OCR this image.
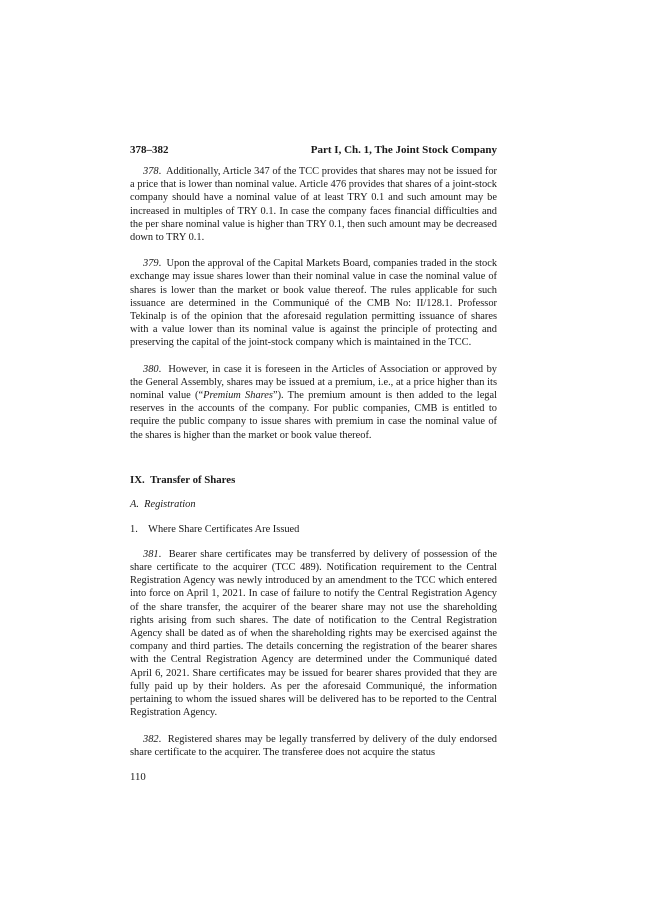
378–382	Part I, Ch. 1, The Joint Stock Company

378.  Additionally, Article 347 of the TCC provides that shares may not be issued for a price that is lower than nominal value. Article 476 provides that shares of a joint-stock company should have a nominal value of at least TRY 0.1 and such amount may be increased in multiples of TRY 0.1. In case the company faces financial difficulties and the per share nominal value is higher than TRY 0.1, then such amount may be decreased down to TRY 0.1.

379.  Upon the approval of the Capital Markets Board, companies traded in the stock exchange may issue shares lower than their nominal value in case the nominal value of shares is lower than the market or book value thereof. The rules applicable for such issuance are determined in the Communiqué of the CMB No: II/128.1. Professor Tekinalp is of the opinion that the aforesaid regulation permitting issuance of shares with a value lower than its nominal value is against the principle of protecting and preserving the capital of the joint-stock company which is maintained in the TCC.

380.  However, in case it is foreseen in the Articles of Association or approved by the General Assembly, shares may be issued at a premium, i.e., at a price higher than its nominal value (“Premium Shares”). The premium amount is then added to the legal reserves in the accounts of the company. For public companies, CMB is entitled to require the public company to issue shares with premium in case the nominal value of the shares is higher than the market or book value thereof.

IX. Transfer of Shares
A. Registration
1. Where Share Certificates Are Issued

381.  Bearer share certificates may be transferred by delivery of possession of the share certificate to the acquirer (TCC 489). Notification requirement to the Central Registration Agency was newly introduced by an amendment to the TCC which entered into force on April 1, 2021. In case of failure to notify the Central Registration Agency of the share transfer, the acquirer of the bearer share may not use the shareholding rights arising from such shares. The date of notification to the Central Registration Agency shall be dated as of when the shareholding rights may be exercised against the company and third parties. The details concerning the registration of the bearer shares with the Central Registration Agency are determined under the Communiqué dated April 6, 2021. Share certificates may be issued for bearer shares provided that they are fully paid up by their holders. As per the aforesaid Communiqué, the information pertaining to whom the issued shares will be delivered has to be reported to the Central Registration Agency.

382.  Registered shares may be legally transferred by delivery of the duly endorsed share certificate to the acquirer. The transferee does not acquire the status

110
